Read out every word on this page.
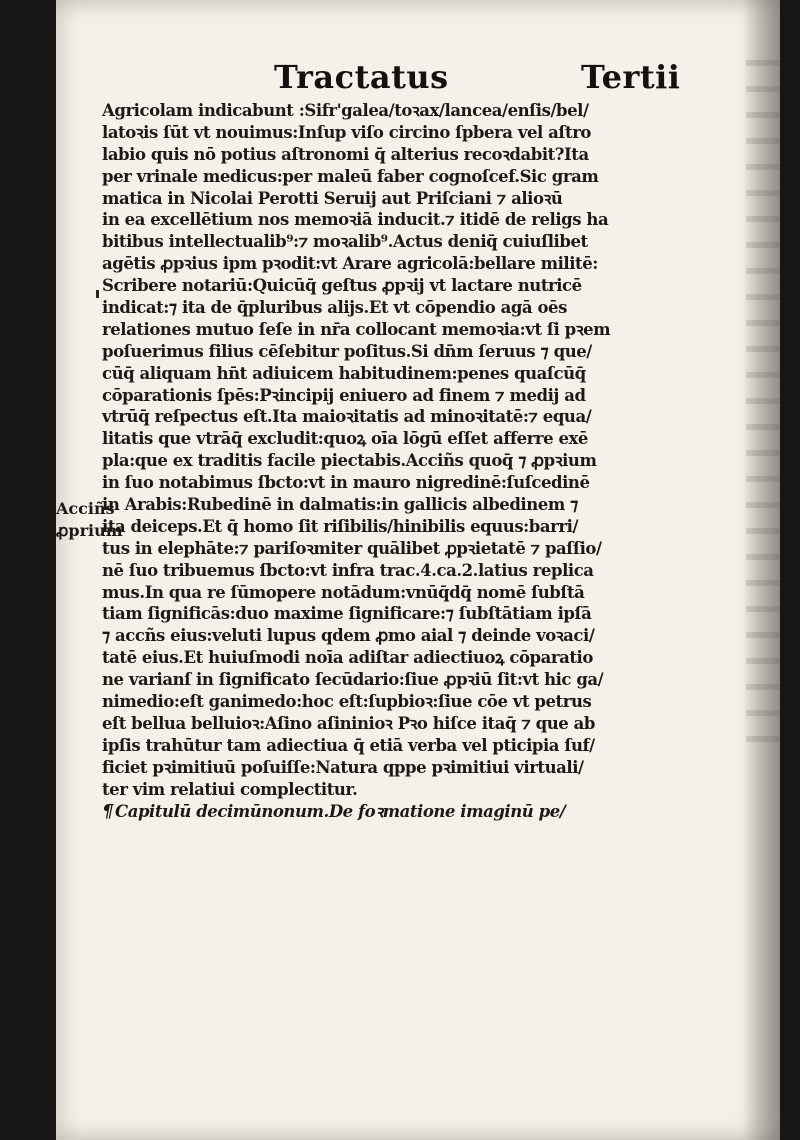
Tractatus	Tertii
Acciñs
ꝓprium
Agricolam indicabunt :Sifr'galea/toꝛax/lancea/enſis/bel/
latoꝛis ſūt vt nouimus:Inſup viſo circino ſpbera vel aſtro
labio quis nō potius aſtronomi q̄ alterius recoꝛdabit?Ita
per vrinale medicus:per maleū faber cognoſcef.Sic gram
matica in Nicolai Perotti Seruij aut Priſciani ⁊ alioꝛū
in ea excellētium nos memoꝛiā inducit.⁊ itidē de religs ha
bitibus intellectualib⁹:⁊ moꝛalib⁹.Actus deniq̄ cuiuſlibet
agētis ꝓpꝛius ipm pꝛodit:vt Arare agricolā:bellare militē:
Scribere notariū:Quicūq̄ geſtus ꝓpꝛij vt lactare nutricē
indicat:⁊ ita de q̄pluribus alijs.Et vt cōpendio agā oēs
relationes mutuo ſeſe in nr̄a collocant memoꝛia:vt ſi pꝛem
poſuerimus filius cēſebitur poſitus.Si dn̄m ſeruus ⁊ que/
cūq̄ aliquam hn̄t adiuicem habitudinem:penes quaſcūq̄
cōparationis ſpēs:Pꝛincipij eniuero ad finem ⁊ medij ad
vtrūq̄ reſpectus eſt.Ita maioꝛitatis ad minoꝛitatē:⁊ equa/
litatis que vtrāq̄ excludit:quoꝝ oīa lōgū eſſet afferre exē
pla:que ex traditis facile piectabis.Acciñs quoq̄ ⁊ ꝓpꝛium
in ſuo notabimus ſbcto:vt in mauro nigredinē:ſuſcedinē
in Arabis:Rubedinē in dalmatis:in gallicis albedinem ⁊
ita deiceps.Et q̄ homo ſit riſibilis/hinibilis equus:barri/
tus in elephāte:⁊ pariſoꝛmiter quālibet ꝓpꝛietatē ⁊ paſſio/
nē ſuo tribuemus ſbcto:vt infra trac.4.ca.2.latius replica
mus.In qua re ſūmopere notādum:vnūq̄dq̄ nomē ſubſtā
tiam ſignificās:duo maxime ſignificare:⁊ ſubſtātiam ipſā
⁊ accñs eius:veluti lupus qdem ꝓmo aial ⁊ deinde voꝛaci/
tatē eius.Et huiuſmodi noīa adiſtar adiectiuoꝝ cōparatio
ne varianſ in ſignificato ſecūdario:ſiue ꝓpꝛiū ſit:vt hic ga/
nimedio:eſt ganimedo:hoc eſt:ſupbioꝛ:ſiue cōe vt petrus
eſt bellua belluioꝛ:Aſino aſininioꝛ Pꝛo hiſce itaq̄ ⁊ que ab
ipſis trahūtur tam adiectiua q̄ etiā verba vel pticipia ſuf/
ficiet pꝛimitiuū poſuiſſe:Natura qppe pꝛimitiui virtuali/
ter vim relatiui complectitur.
¶ Capitulū decimūnonum.De foꝛmatione imaginū pe/
